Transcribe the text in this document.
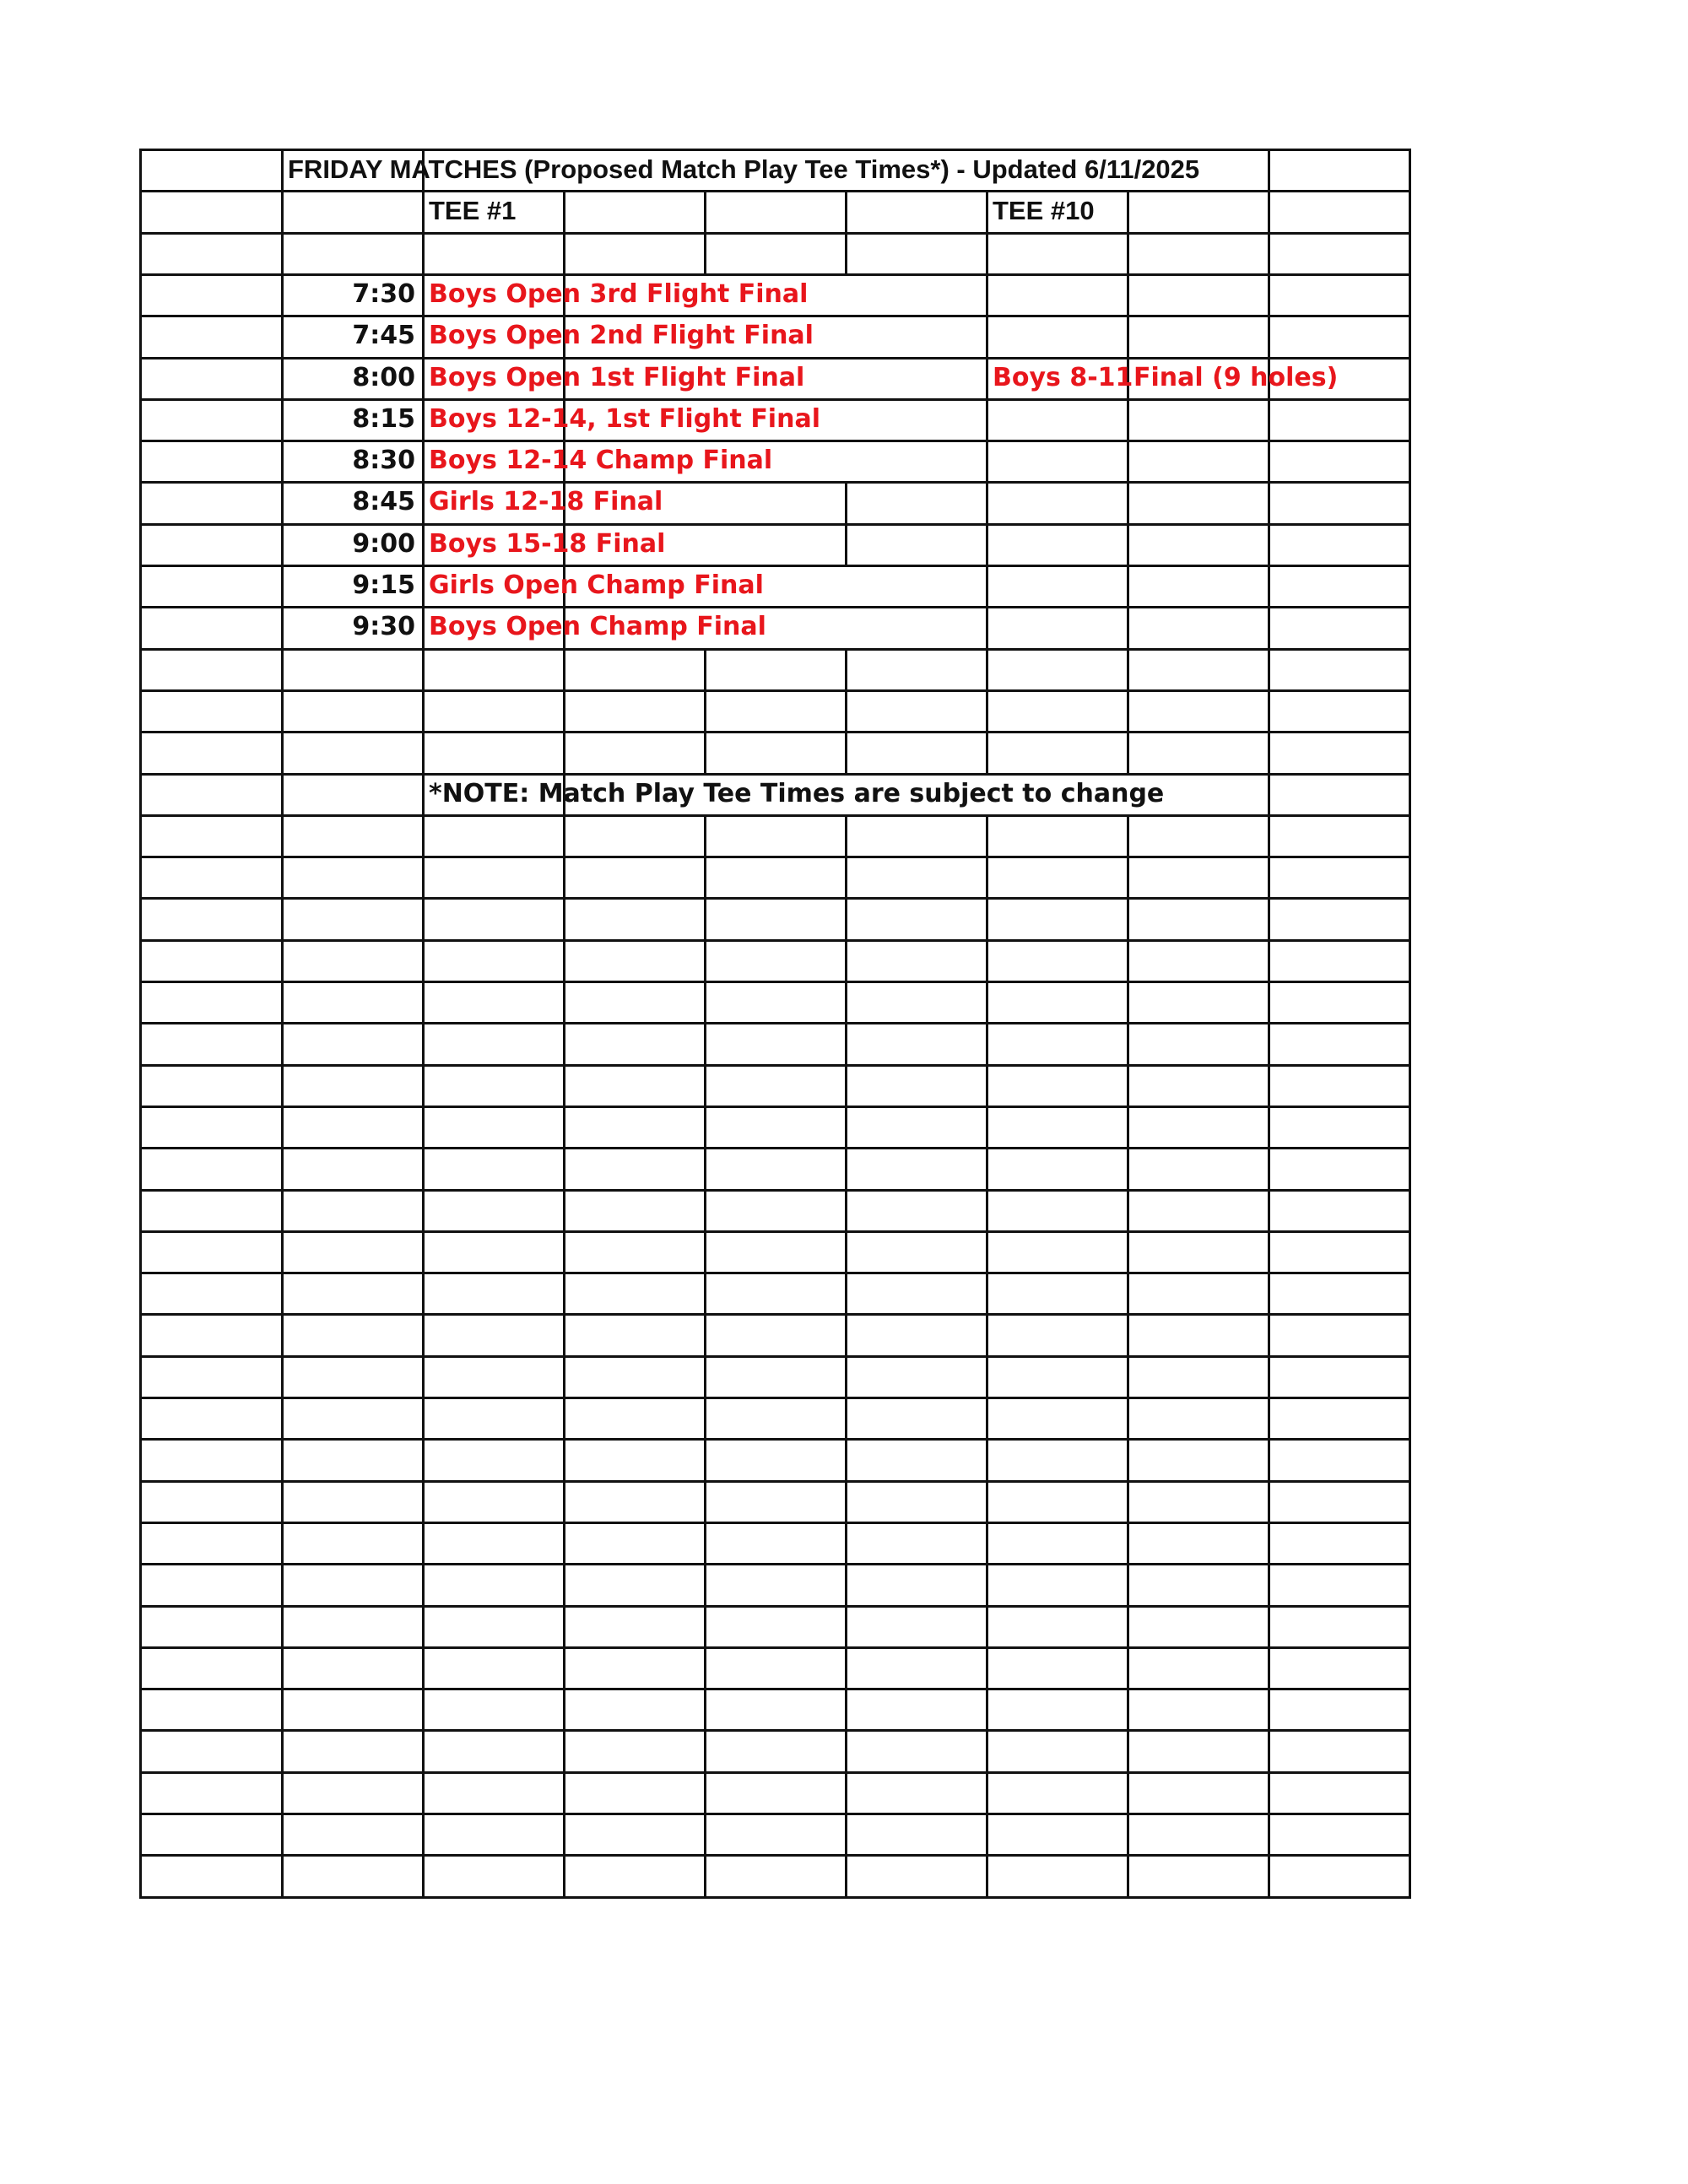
FRIDAY MATCHES (Proposed Match Play Tee Times*) - Updated 6/11/2025
TEE #1	TEE #10
7:30 Boys Open 3rd Flight Final
7:45 Boys Open 2nd Flight Final
8:00 Boys Open 1st Flight Final	Boys 8-11 Final (9 holes)
8:15 Boys 12-14, 1st Flight Final
8:30 Boys 12-14 Champ Final
8:45 Girls 12-18 Final
9:00 Boys 15-18 Final
9:15 Girls Open Champ Final
9:30 Boys Open Champ Final
*NOTE: Match Play Tee Times are subject to change
